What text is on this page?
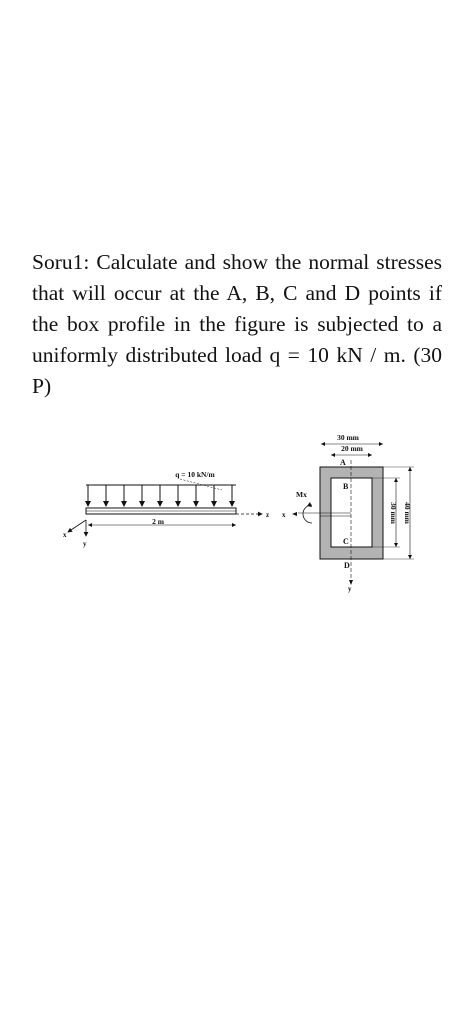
Soru1: Calculate and show the normal stresses that will occur at the A, B, C and D points if the box profile in the figure is subjected to a uniformly distributed load q = 10 kN / m. (30 P)

q = 10 kN/m
2 m
x
y
z
Mx
x
y
A
B
C
D
30 mm
20 mm
30 mm 40 mm
